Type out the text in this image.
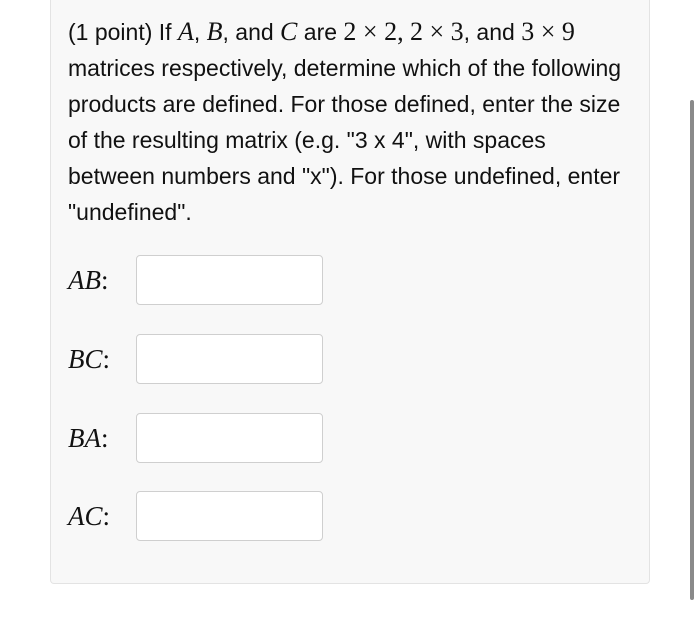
(1 point) If A, B, and C are 2 × 2, 2 × 3, and 3 × 9 matrices respectively, determine which of the following products are defined. For those defined, enter the size of the resulting matrix (e.g. "3 x 4", with spaces between numbers and "x"). For those undefined, enter "undefined".

AB:
BC:
BA:
AC:
